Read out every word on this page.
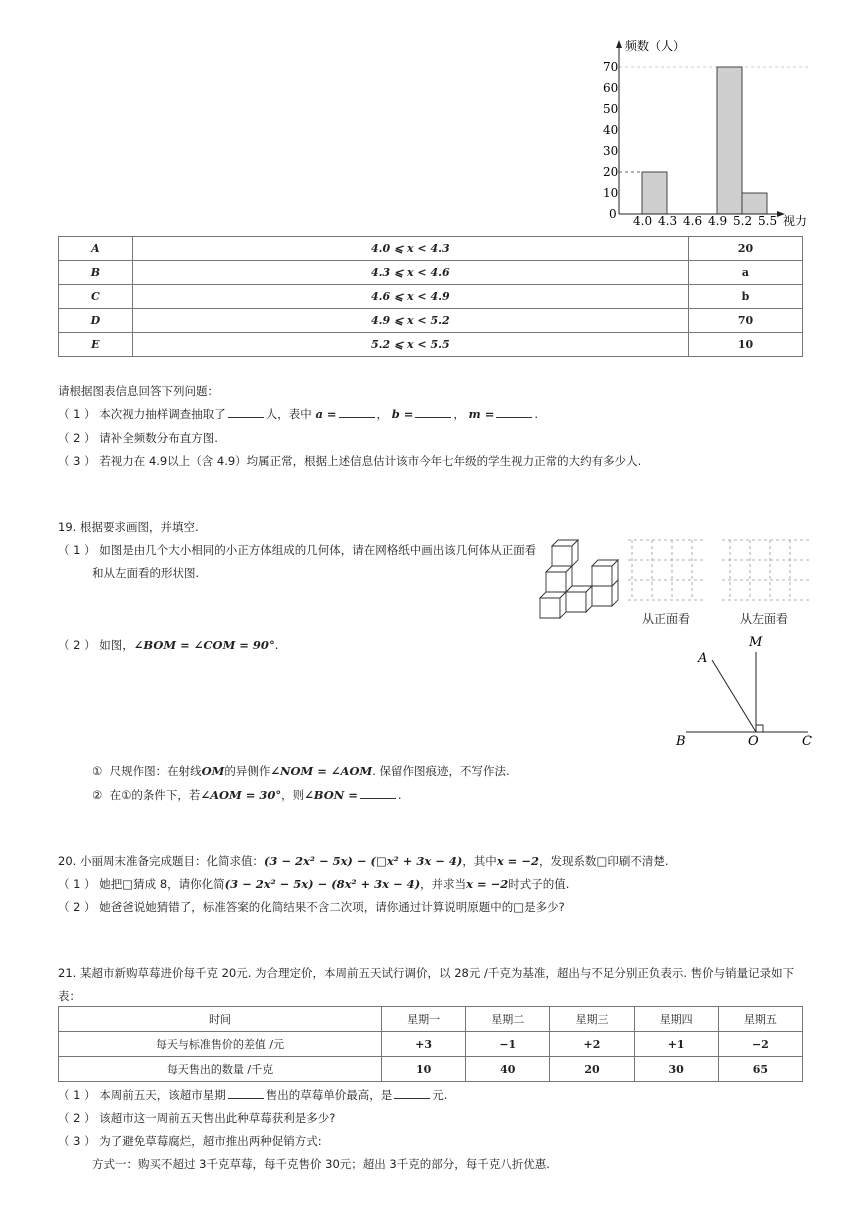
频数（人）
视力
0
10
20
30
40
50
60
70
4.0 4.3 4.6 4.9 5.2 5.5
A	4.0 ⩽ x < 4.3	20
B	4.3 ⩽ x < 4.6	a
C	4.6 ⩽ x < 4.9	b
D	4.9 ⩽ x < 5.2	70
E	5.2 ⩽ x < 5.5	10
请根据图表信息回答下列问题：
（ 1 ） 本次视力抽样调查抽取了	人，表中 a =	， b =	， m =	.
（ 2 ） 请补全频数分布直方图.
（ 3 ） 若视力在 4.9以上（含 4.9）均属正常，根据上述信息估计该市今年七年级的学生视力正常的大约有多少人.
19. 根据要求画图，并填空.
（ 1 ） 如图是由几个大小相同的小正方体组成的几何体，请在网格纸中画出该几何体从正面看
和从左面看的形状图.
从正面看	从左面看
（ 2 ） 如图，∠BOM = ∠COM = 90°.
A
M
B	O	C
① 尺规作图：在射线OM的异侧作∠NOM = ∠AOM. 保留作图痕迹，不写作法.
② 在①的条件下，若∠AOM = 30°，则∠BON =	.
20. 小丽周末准备完成题目：化简求值：(3 − 2x² − 5x) − (□x² + 3x − 4)，其中x = −2，发现系数□印刷不清楚.
（ 1 ） 她把□猜成 8，请你化简(3 − 2x² − 5x) − (8x² + 3x − 4)，并求当x = −2时式子的值.
（ 2 ） 她爸爸说她猜错了，标准答案的化简结果不含二次项，请你通过计算说明原题中的□是多少?
21. 某超市新购草莓进价每千克 20元. 为合理定价，本周前五天试行调价，以 28元 /千克为基准，超出与不足分别正负表示. 售价与销量记录如下
表：
时间	星期一	星期二	星期三	星期四	星期五
每天与标准售价的差值 /元	+3	−1	+2	+1	−2
每天售出的数量 /千克	10	40	20	30	65
（ 1 ） 本周前五天，该超市星期	售出的草莓单价最高，是	元.
（ 2 ） 该超市这一周前五天售出此种草莓获利是多少?
（ 3 ） 为了避免草莓腐烂，超市推出两种促销方式:
方式一：购买不超过 3千克草莓，每千克售价 30元；超出 3千克的部分，每千克八折优惠.
